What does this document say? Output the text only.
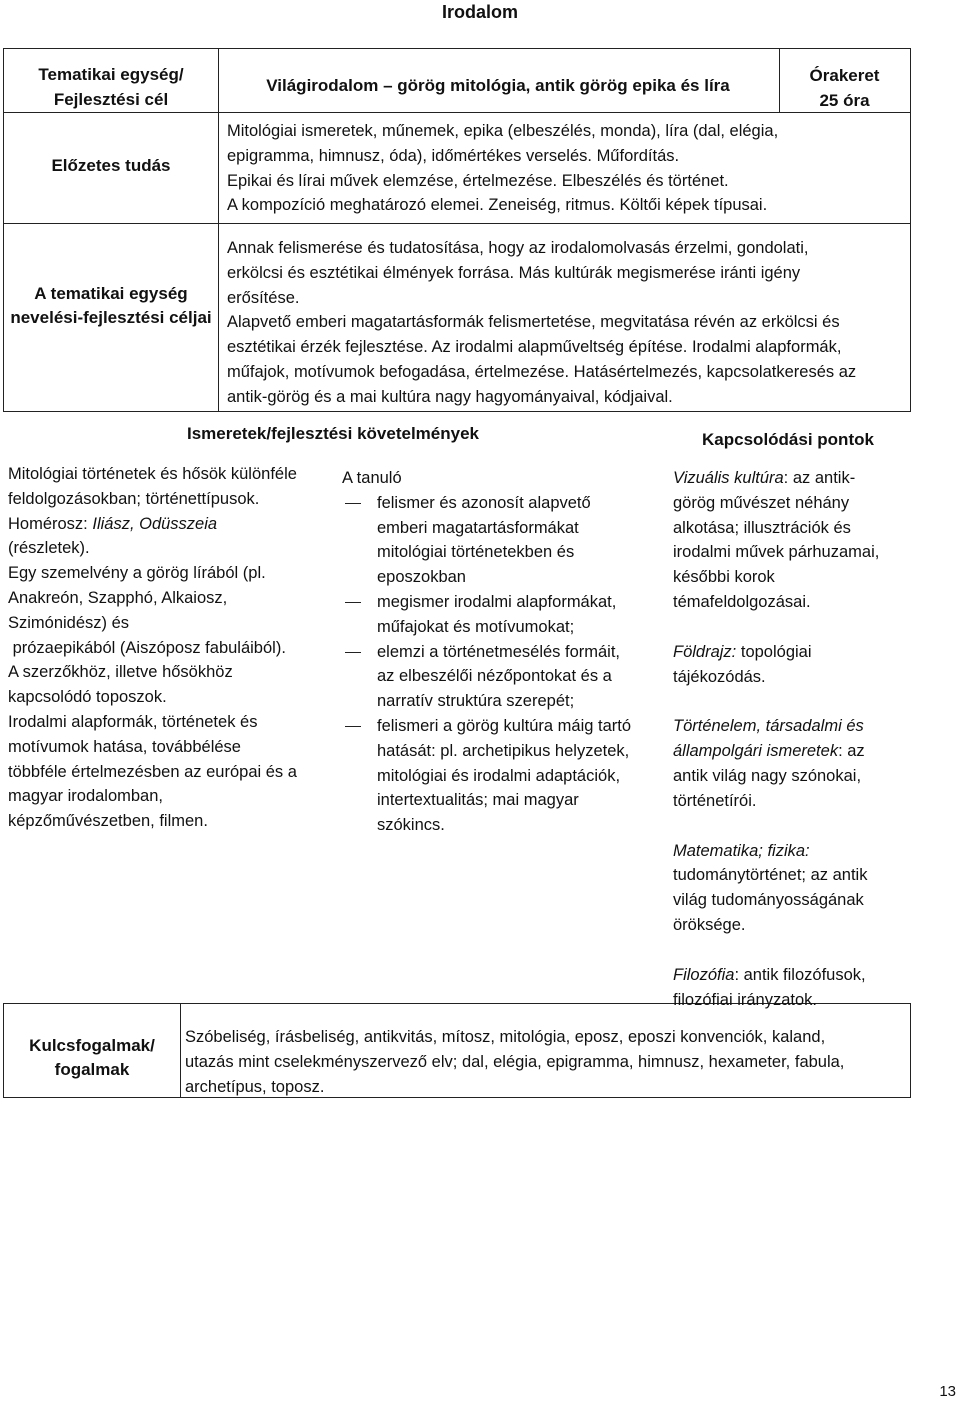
Irodalom
Tematikai egység/ Fejlesztési cél
Világirodalom – görög mitológia, antik görög epika és líra
Órakeret
25 óra
Előzetes tudás
Mitológiai ismeretek, műnemek, epika (elbeszélés, monda), líra (dal, elégia,
epigramma, himnusz, óda), időmértékes verselés. Műfordítás.
Epikai és lírai művek elemzése, értelmezése. Elbeszélés és történet.
A kompozíció meghatározó elemei. Zeneiség, ritmus. Költői képek típusai.
A tematikai egység nevelési-fejlesztési céljai
Annak felismerése és tudatosítása, hogy az irodalomolvasás érzelmi, gondolati,
erkölcsi és esztétikai élmények forrása. Más kultúrák megismerése iránti igény
erősítése.
Alapvető emberi magatartásformák felismertetése, megvitatása révén az erkölcsi és
esztétikai érzék fejlesztése. Az irodalmi alapműveltség építése. Irodalmi alapformák,
műfajok, motívumok befogadása, értelmezése. Hatásértelmezés, kapcsolatkeresés az
antik-görög és a mai kultúra nagy hagyományaival, kódjaival.
Ismeretek/fejlesztési követelmények	Kapcsolódási pontok
Mitológiai történetek és hősök különféle
feldolgozásokban; történettípusok.
Homérosz: Iliász, Odüsszeia
(részletek).
Egy szemelvény a görög lírából (pl.
Anakreón, Szapphó, Alkaiosz,
Szimónidész) és
prózaepikából (Aiszóposz fabuláiból).
A szerzőkhöz, illetve hősökhöz
kapcsolódó toposzok.
Irodalmi alapformák, történetek és
motívumok hatása, továbbélése
többféle értelmezésben az európai és a
magyar irodalomban,
képzőművészetben, filmen.
A tanuló
felismer és azonosít alapvető
emberi magatartásformákat
mitológiai történetekben és
eposzokban
megismer irodalmi alapformákat,
műfajokat és motívumokat;
elemzi a történetmesélés formáit,
az elbeszélői nézőpontokat és a
narratív struktúra szerepét;
felismeri a görög kultúra máig tartó
hatását: pl. archetipikus helyzetek,
mitológiai és irodalmi adaptációk,
intertextualitás; mai magyar
szókincs.

Vizuális kultúra: az antik-
görög művészet néhány
alkotása; illusztrációk és
irodalmi művek párhuzamai,
későbbi korok
témafeldolgozásai.

Földrajz: topológiai
tájékozódás.

Történelem, társadalmi és állampolgári ismeretek: az
antik világ nagy szónokai,
történetírói.

Matematika; fizika:
tudománytörténet; az antik
világ tudományosságának
öröksége.

Filozófia: antik filozófusok,
filozófiai irányzatok.

Kulcsfogalmak/ fogalmak
Szóbeliség, írásbeliség, antikvitás, mítosz, mitológia, eposz, eposzi konvenciók, kaland,
utazás mint cselekményszervező elv; dal, elégia, epigramma, himnusz, hexameter, fabula,
archetípus, toposz.
13
